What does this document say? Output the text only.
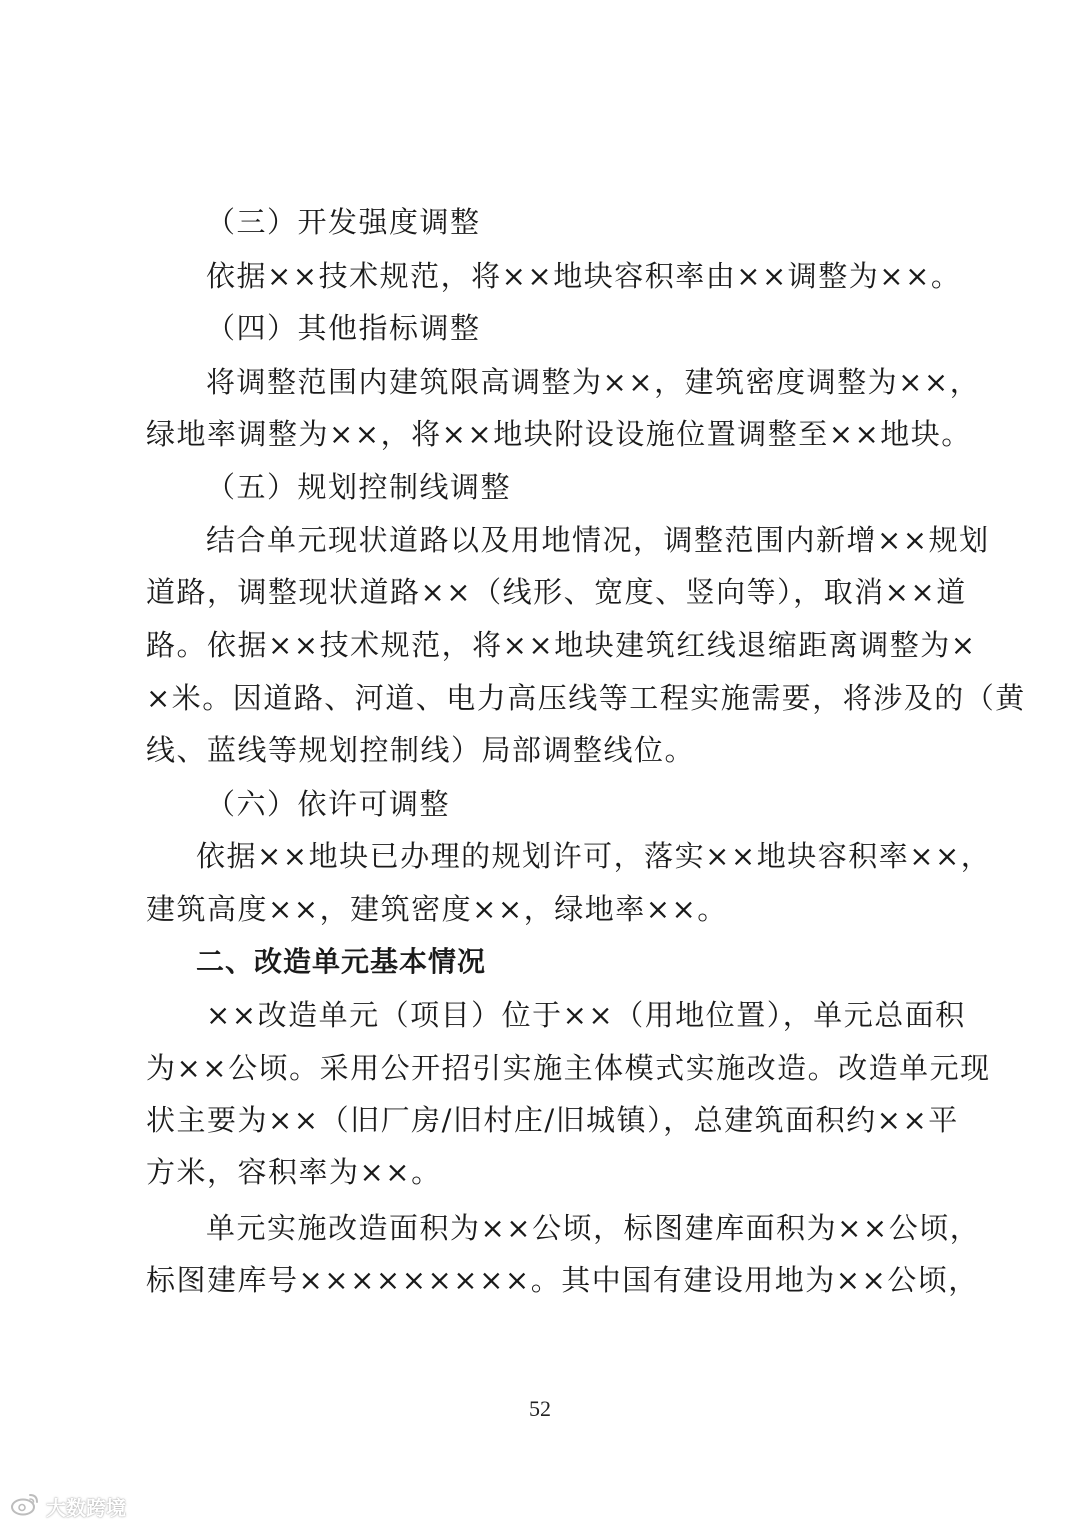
（三）开发强度调整
依据××技术规范，将××地块容积率由××调整为××。
（四）其他指标调整
将调整范围内建筑限高调整为××，建筑密度调整为××，
绿地率调整为××，将××地块附设设施位置调整至××地块。
（五）规划控制线调整
结合单元现状道路以及用地情况，调整范围内新增××规划
道路，调整现状道路××（线形、宽度、竖向等），取消××道
路。依据××技术规范，将××地块建筑红线退缩距离调整为×
×米。因道路、河道、电力高压线等工程实施需要，将涉及的（黄
线、蓝线等规划控制线）局部调整线位。
（六）依许可调整
依据××地块已办理的规划许可，落实××地块容积率××，
建筑高度××，建筑密度××，绿地率××。
二、改造单元基本情况
××改造单元（项目）位于××（用地位置），单元总面积
为××公顷。采用公开招引实施主体模式实施改造。改造单元现
状主要为××（旧厂房/旧村庄/旧城镇），总建筑面积约××平
方米，容积率为××。
单元实施改造面积为××公顷，标图建库面积为××公顷，
标图建库号×××××××××。其中国有建设用地为××公顷，
52
大数跨境
